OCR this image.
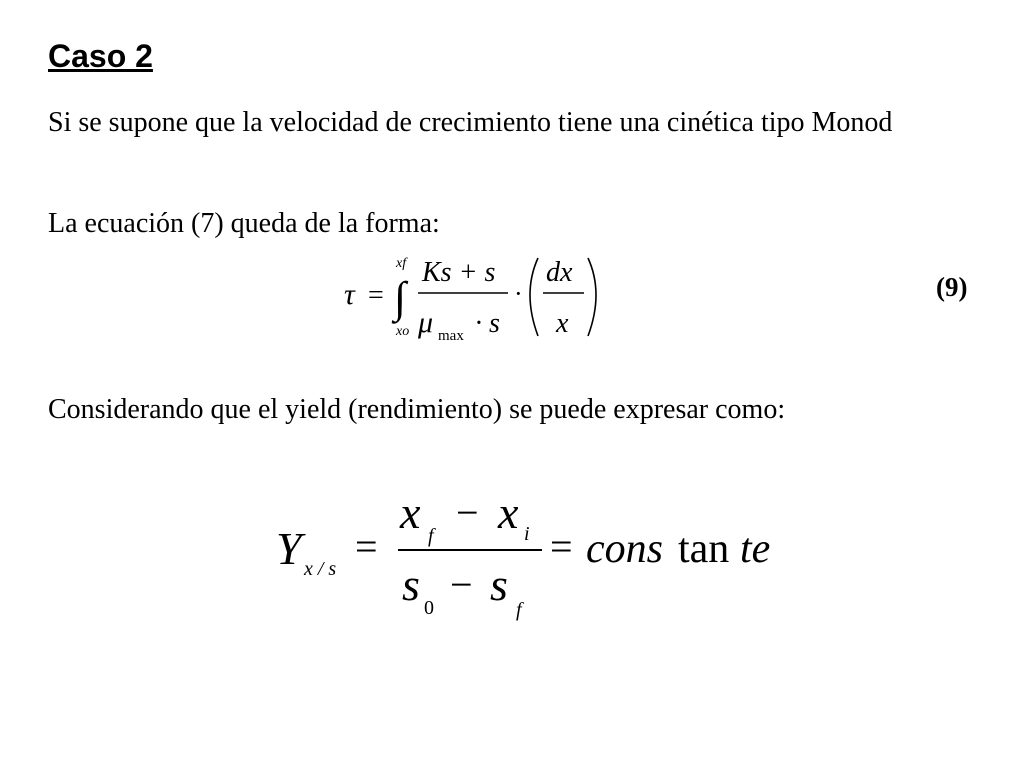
Caso 2

Si se supone que la velocidad de crecimiento tiene una cinética tipo Monod

La ecuación (7) queda de la forma:

τ = ∫
xf
xo
Ks + s
μ max · s
·
dx
x
(9)

Considerando que el yield (rendimiento) se puede expresar como:

Y x / s =
x f
− x i
s 0
− s f
= cons tan te
